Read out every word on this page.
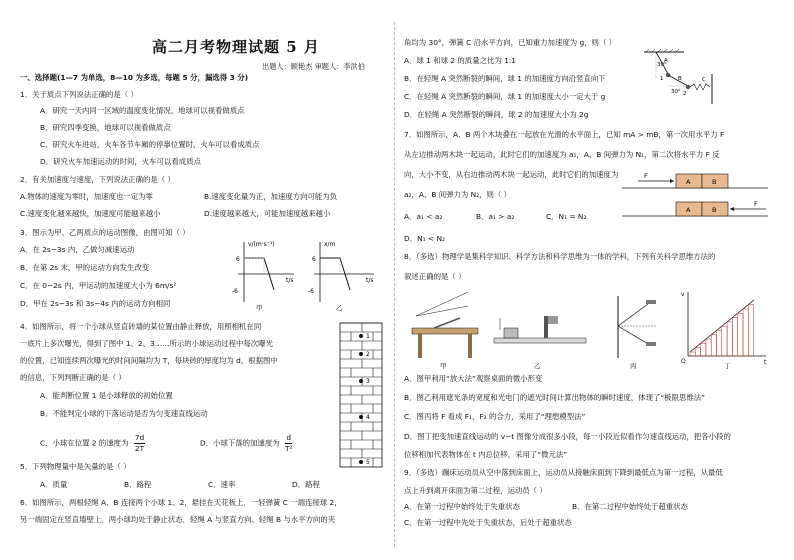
高二月考物理试题 5 月
出题人：顾艳杰 审题人：李洪伯
一、选择题(1—7 为单选，8—10 为多选，每题 5 分，漏选得 3 分)
1．关于质点下列说法正确的是（ ）
A．研究一天内同一区域的温度变化情况，地球可以视看做质点
B．研究四季变换，地球可以视看做质点
C．研究火车进站，火车各节车厢的停靠位置时，火车可以看成质点
D．研究火车加速运动的时间，火车可以看成质点
2．有关加速度与速度，下列说法正确的是（ ）
A.物体的速度为零时，加速度也一定为零	B.速度变化量为正，加速度方向可能为负
C.速度变化越来越快，加速度可能越来越小	D.速度越来越大，可能加速度越来越小
3．图示为甲、乙两质点的运动图像，由图可知（ ）
A．在 2s−3s 内，乙做匀减速运动
B．在第 2s 末，甲的运动方向发生改变
C．在 0−2s 内，甲运动的加速度大小为 6m/s²
D．甲在 2s−3s 和 3s−4s 内的运动方向相同
v/(m·s⁻¹)
t/s
6
-6
甲
x/m
t/s
6
-6
乙
4．如图所示，将一个小球从竖直砖墙的某位置由静止释放，用照相机在同
一底片上多次曝光，得到了图中 1、2、3……所示的小球运动过程中每次曝光
的位置，已知连续两次曝光的时间间隔均为 T，每块砖的厚度均为 d，根据图中
的信息，下列判断正确的是（ ）
A．能判断位置 1 是小球释放的初始位置
B．不能判定小球的下落运动是否为匀变速直线运动
C．小球在位置 2 的速度为 $\frac{7d}{2T}$	D．小球下落的加速度为 $\frac{d}{\text{T²}}$
1
2
3
4
5
5．下列物理量中是矢量的是（ ）
A．质量	B．路程	C．速率	D．路程
6．如图所示，两根轻绳 A、B 连接两个小球 1、2，悬挂在天花板上．一轻弹簧 C 一端连接球 2，
另一端固定在竖直墙壁上．两小球均处于静止状态．轻绳 A 与竖直方向、轻绳 B 与水平方向的夹
角均为 30°，弹簧 C 沿水平方向，已知重力加速度为 g，则（ ）
A．球 1 和球 2 的质量之比为 1:1
B．在轻绳 A 突然断裂的瞬间，球 1 的加速度方向沿竖直向下
C．在轻绳 A 突然断裂的瞬间，球 1 的加速度大小一定大于 g
D．在轻绳 A 突然断裂的瞬间，球 2 的加速度大小为 2g
30°
30°
1
2
A
B	C
7．如图所示，A、B 两个木块叠在一起放在光滑的水平面上，已知 mA > mB，第一次用水平力 F
从左边推动两木块一起运动，此时它们的加速度为 a₁，A、B 间弹力为 N₁，第二次将水平力 F 反
向，大小不变，从右边推动两木块一起运动，此时它们的加速度为
a₂，A、B 间弹力为 N₂，则（ ）
A．a₁ < a₂	B．a₁ > a₂	C．N₁ = N₂
D．N₁ < N₂
F
A	B
F
A	B
8．（多选）物理学是集科学知识、科学方法和科学思维为一体的学科，下列有关科学思维方法的
叙述正确的是（ ）
甲	乙	丙
v
t
O
丁
A．图甲利用“放大法”观察桌面的微小形变
B．图乙利用遮光条的宽度和光电门的遮光时间计算出物体的瞬时速度，体现了“极限思维法”
C．图丙将 F 看成 F₁、F₂ 的合力，采用了“理想模型法”
D．图丁把变加速直线运动的 v−t 图像分成很多小段，每一小段近似看作匀速直线运动，把各小段的
位移相加代表物体在 t 内总位移，采用了“微元法”
9．（多选）蹦床运动员从空中落到床面上，运动员从接触床面到下降到最低点为第一过程，从最低
点上升到离开床面为第二过程，运动员（ ）
A．在第一过程中始终处于失重状态	B．在第二过程中始终处于超重状态
C．在第一过程中先处于失重状态，后处于超重状态
